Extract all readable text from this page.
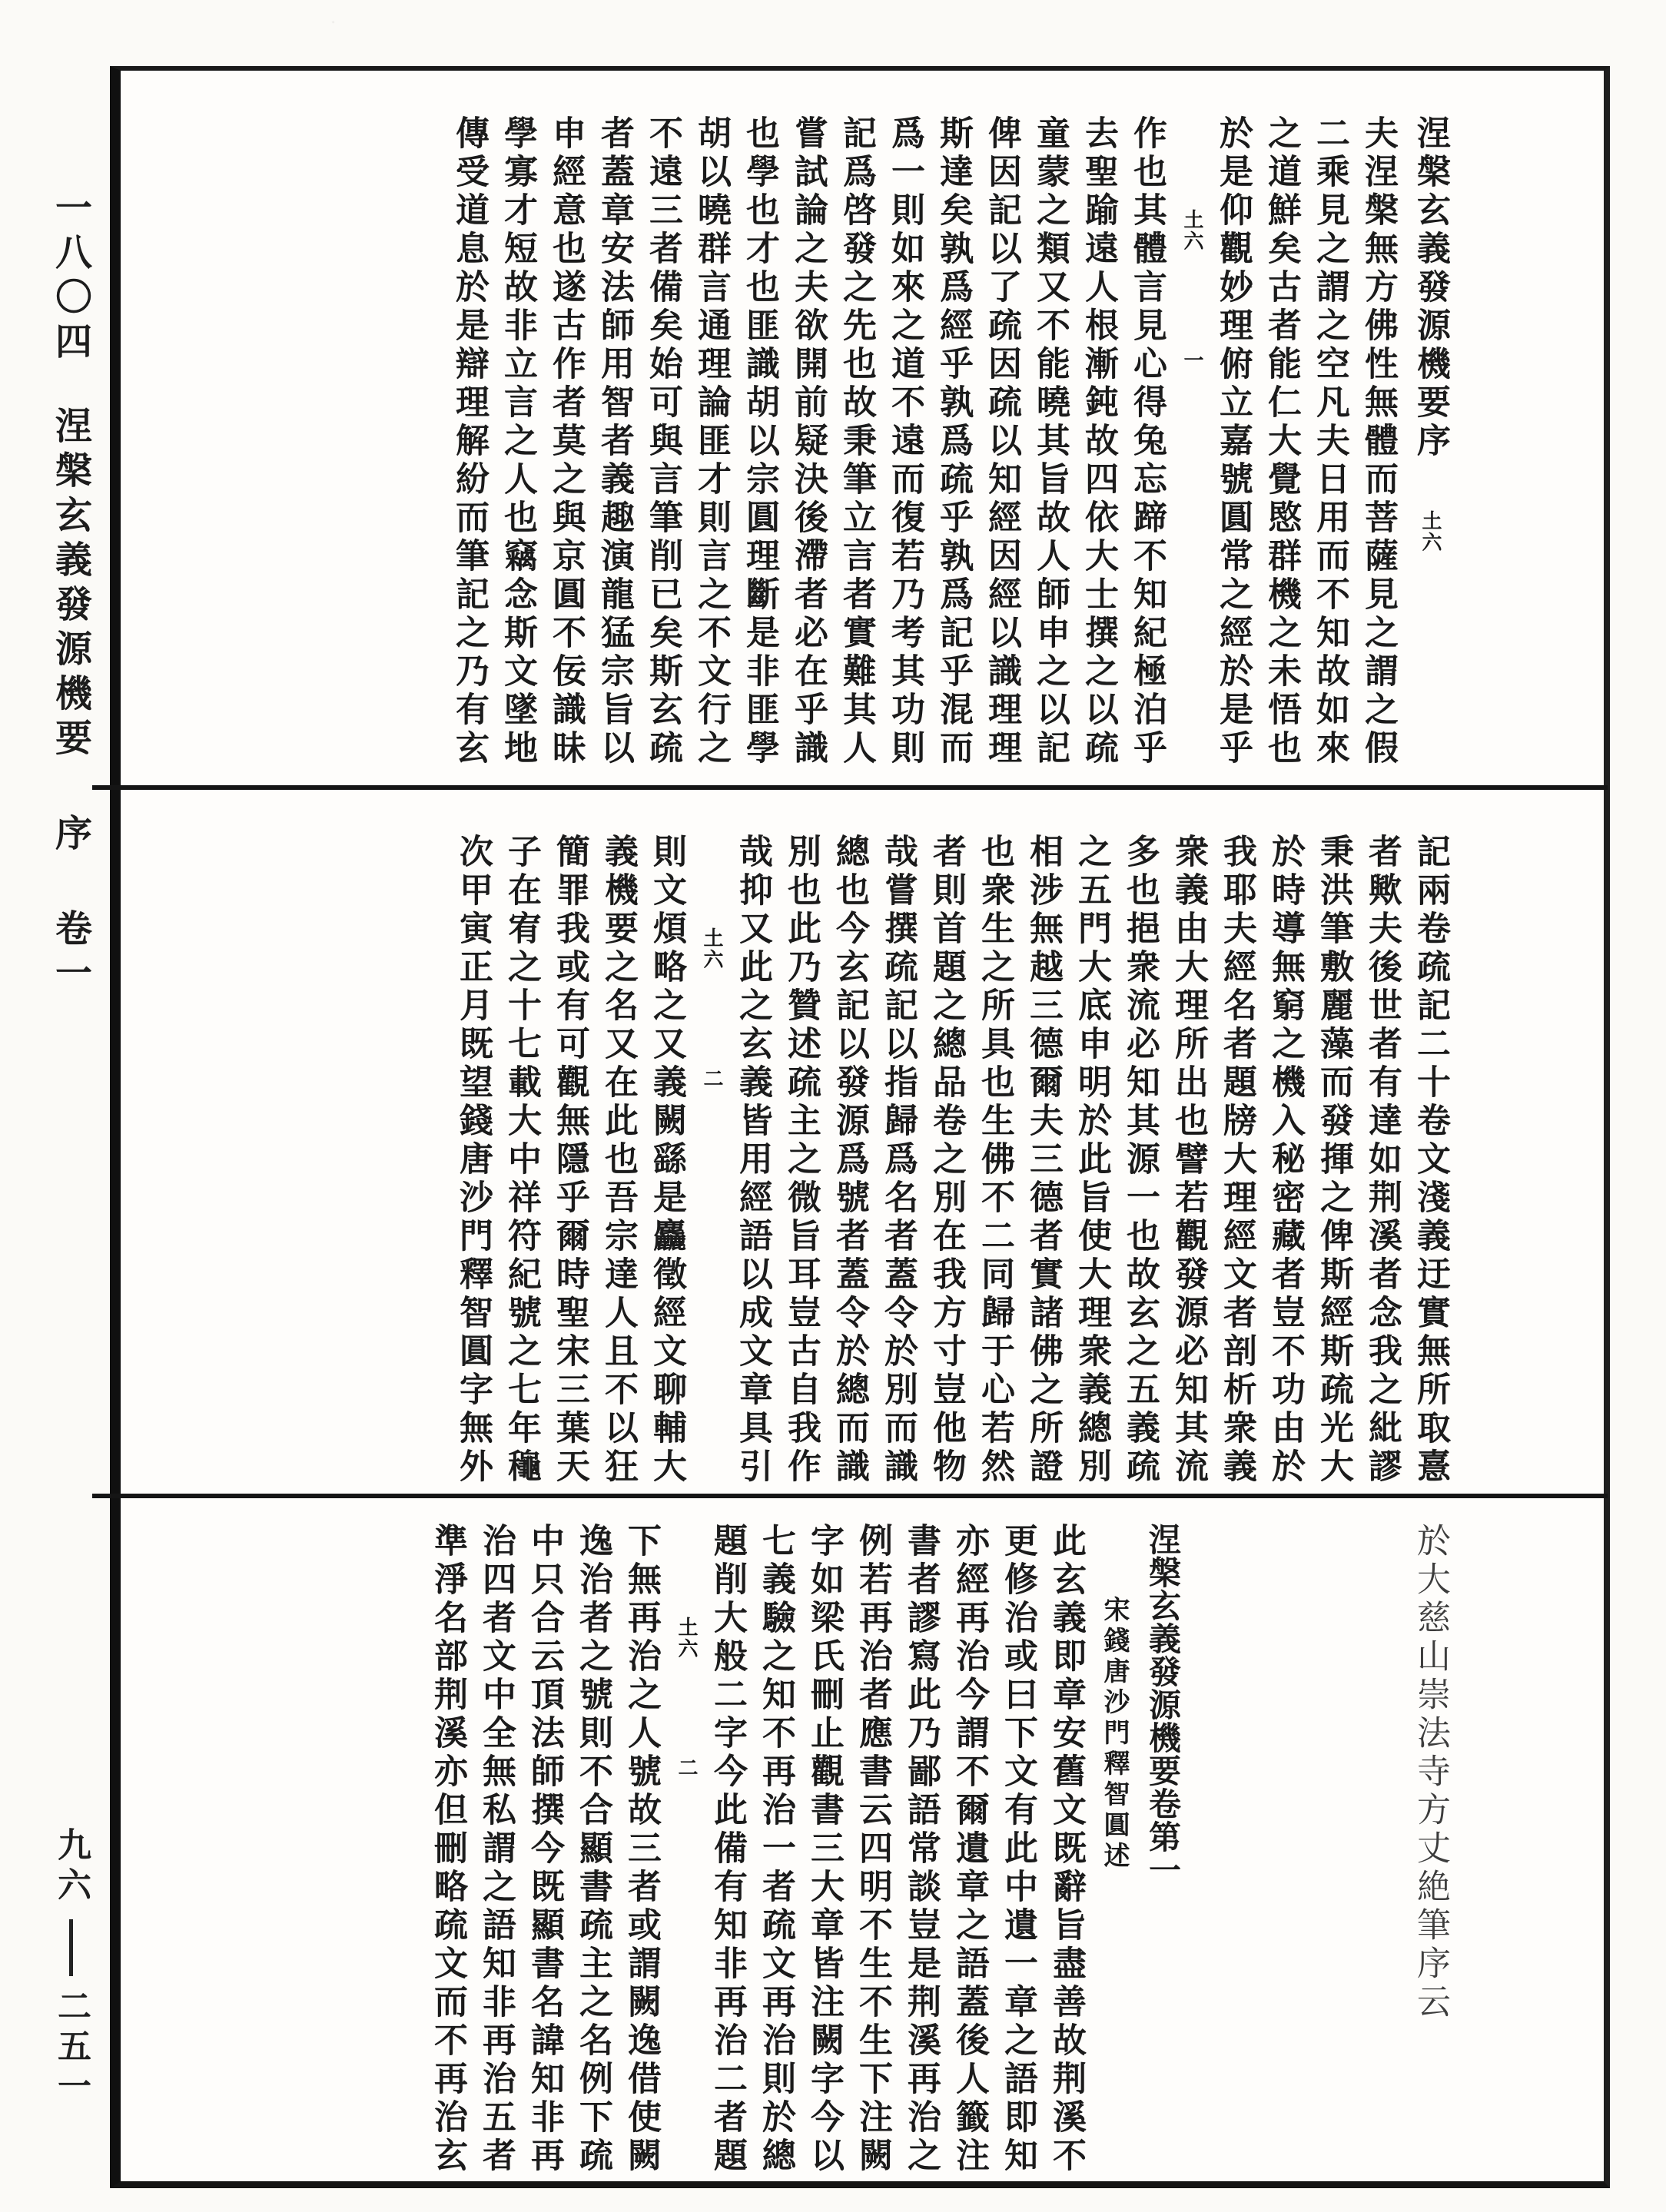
涅槃玄義發源機要序土六
夫涅槃無方佛性無體而菩薩見之謂之假
二乘見之謂之空凡夫日用而不知故如來
之道鮮矣古者能仁大覺愍群機之未悟也
於是仰觀妙理俯立嘉號圓常之經於是乎
土六
一
作也其體言見心得兔忘蹄不知紀極泊乎
去聖踰遠人根漸鈍故四依大士撰之以疏
童蒙之類又不能曉其旨故人師申之以記
俾因記以了疏因疏以知經因經以識理理
斯達矣孰爲經乎孰爲疏乎孰爲記乎混而
爲一則如來之道不遠而復若乃考其功則
記爲啓發之先也故秉筆立言者實難其人
嘗試論之夫欲開前疑決後滯者必在乎識
也學也才也匪識胡以宗圓理斷是非匪學
胡以曉群言通理論匪才則言之不文行之
不遠三者備矣始可與言筆削已矣斯玄疏
者蓋章安法師用智者義趣演龍猛宗旨以
申經意也遂古作者莫之與京圓不佞識昧
學寡才短故非立言之人也竊念斯文墜地
傳受道息於是辯理解紛而筆記之乃有玄
記兩卷疏記二十卷文淺義迂實無所取憙
者歟夫後世者有達如荆溪者念我之紕謬
秉洪筆敷麗藻而發揮之俾斯經斯疏光大
於時導無窮之機入秘密藏者豈不功由於
我耶夫經名者題牓大理經文者剖析衆義
衆義由大理所出也譬若觀發源必知其流
多也挹衆流必知其源一也故玄之五義疏
之五門大底申明於此旨使大理衆義總別
相涉無越三德爾夫三德者實諸佛之所證
也衆生之所具也生佛不二同歸于心若然
者則首題之總品卷之別在我方寸豈他物
哉嘗撰疏記以指歸爲名者蓋令於別而識
總也今玄記以發源爲號者蓋令於總而識
別也此乃贊述疏主之微旨耳豈古自我作
哉抑又此之玄義皆用經語以成文章具引
土六
二
則文煩略之又義闕繇是麤徵經文聊輔大
義機要之名又在此也吾宗達人且不以狂
簡罪我或有可觀無隱乎爾時聖宋三葉天
子在宥之十七載大中祥符紀號之七年龝
次甲寅正月既望錢唐沙門釋智圓字無外
於大慈山崇法寺方丈絶筆序云
涅槃玄義發源機要卷第一
宋錢唐沙門釋智圓述
此玄義即章安舊文既辭旨盡善故荆溪不
更修治或曰下文有此中遺一章之語即知
亦經再治今謂不爾遺章之語蓋後人籤注
書者謬寫此乃鄙語常談豈是荆溪再治之
例若再治者應書云四明不生不生下注闕
字如梁氏刪止觀書三大章皆注闕字今以
七義驗之知不再治一者疏文再治則於總
題削大般二字今此備有知非再治二者題
土六
二
下無再治之人號故三者或謂闕逸借使闕
逸治者之號則不合顯書疏主之名例下疏
中只合云頂法師撰今既顯書名諱知非再
治四者文中全無私謂之語知非再治五者
準淨名部荆溪亦但刪略疏文而不再治玄
一八〇四
涅槃玄義發源機要
序
卷一
九六
二五一
